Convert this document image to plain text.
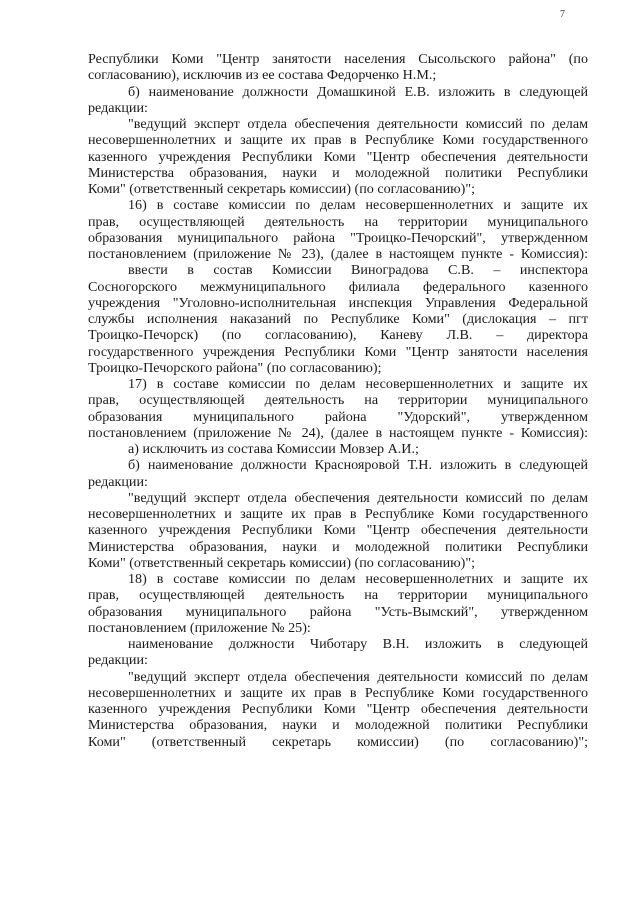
7
Республики Коми "Центр занятости населения Сысольского района" (по
согласованию), исключив из ее состава Федорченко Н.М.;
б) наименование должности Домашкиной Е.В. изложить в следующей
редакции:
"ведущий эксперт отдела обеспечения деятельности комиссий по делам
несовершеннолетних и защите их прав в Республике Коми государственного
казенного учреждения Республики Коми "Центр обеспечения деятельности
Министерства образования, науки и молодежной политики Республики
Коми" (ответственный секретарь комиссии) (по согласованию)";
16) в составе комиссии по делам несовершеннолетних и защите их
прав, осуществляющей деятельность на территории муниципального
образования муниципального района "Троицко-Печорский", утвержденном
постановлением (приложение № 23), (далее в настоящем пункте - Комиссия):
ввести в состав Комиссии Виноградова С.В. – инспектора
Сосногорского межмуниципального филиала федерального казенного
учреждения "Уголовно-исполнительная инспекция Управления Федеральной
службы исполнения наказаний по Республике Коми" (дислокация – пгт
Троицко-Печорск) (по согласованию), Каневу Л.В. – директора
государственного учреждения Республики Коми "Центр занятости населения
Троицко-Печорского района" (по согласованию);
17) в составе комиссии по делам несовершеннолетних и защите их
прав, осуществляющей деятельность на территории муниципального
образования муниципального района "Удорский", утвержденном
постановлением (приложение № 24), (далее в настоящем пункте - Комиссия):
а) исключить из состава Комиссии Мовзер А.И.;
б) наименование должности Краснояровой Т.Н. изложить в следующей
редакции:
"ведущий эксперт отдела обеспечения деятельности комиссий по делам
несовершеннолетних и защите их прав в Республике Коми государственного
казенного учреждения Республики Коми "Центр обеспечения деятельности
Министерства образования, науки и молодежной политики Республики
Коми" (ответственный секретарь комиссии) (по согласованию)";
18) в составе комиссии по делам несовершеннолетних и защите их
прав, осуществляющей деятельность на территории муниципального
образования муниципального района "Усть-Вымский", утвержденном
постановлением (приложение № 25):
наименование должности Чиботару В.Н. изложить в следующей
редакции:
"ведущий эксперт отдела обеспечения деятельности комиссий по делам
несовершеннолетних и защите их прав в Республике Коми государственного
казенного учреждения Республики Коми "Центр обеспечения деятельности
Министерства образования, науки и молодежной политики Республики
Коми" (ответственный секретарь комиссии) (по согласованию)";
